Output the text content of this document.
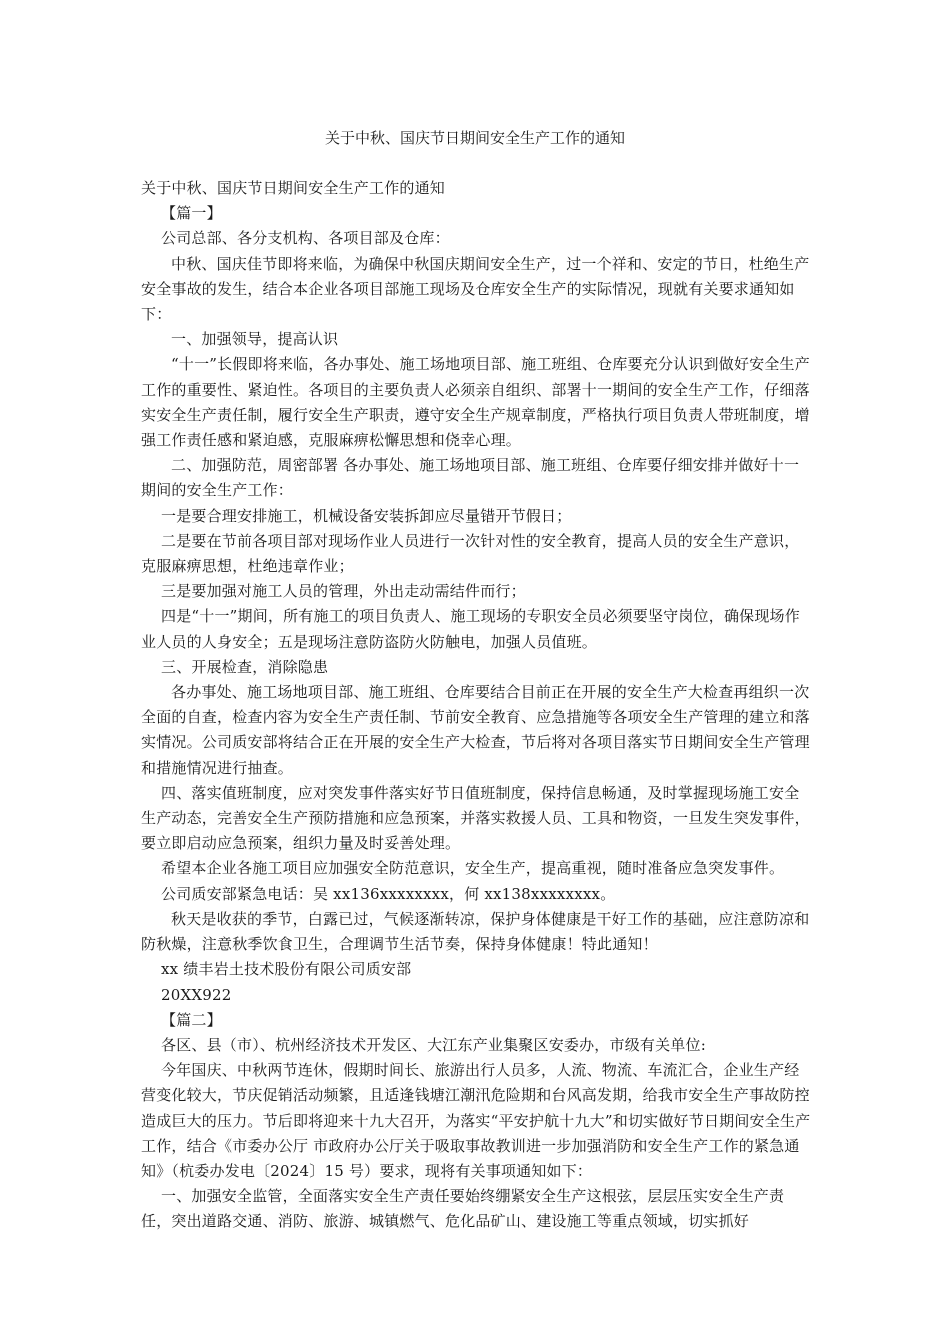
关于中秋、国庆节日期间安全生产工作的通知

关于中秋、国庆节日期间安全生产工作的通知

【篇一】

公司总部、各分支机构、各项目部及仓库：

中秋、国庆佳节即将来临，为确保中秋国庆期间安全生产，过一个祥和、安定的节日，杜绝生产安全事故的发生，结合本企业各项目部施工现场及仓库安全生产的实际情况，现就有关要求通知如下：

一、加强领导，提高认识

“十一”长假即将来临，各办事处、施工场地项目部、施工班组、仓库要充分认识到做好安全生产工作的重要性、紧迫性。各项目的主要负责人必须亲自组织、部署十一期间的安全生产工作，仔细落实安全生产责任制，履行安全生产职责，遵守安全生产规章制度，严格执行项目负责人带班制度，增强工作责任感和紧迫感，克服麻痹松懈思想和侥幸心理。

二、加强防范，周密部署 各办事处、施工场地项目部、施工班组、仓库要仔细安排并做好十一期间的安全生产工作：

一是要合理安排施工，机械设备安装拆卸应尽量错开节假日；

二是要在节前各项目部对现场作业人员进行一次针对性的安全教育，提高人员的安全生产意识，克服麻痹思想，杜绝违章作业；

三是要加强对施工人员的管理，外出走动需结件而行；

四是“十一”期间，所有施工的项目负责人、施工现场的专职安全员必须要坚守岗位，确保现场作业人员的人身安全；五是现场注意防盗防火防触电，加强人员值班。

三、开展检查，消除隐患

各办事处、施工场地项目部、施工班组、仓库要结合目前正在开展的安全生产大检查再组织一次全面的自查，检查内容为安全生产责任制、节前安全教育、应急措施等各项安全生产管理的建立和落实情况。公司质安部将结合正在开展的安全生产大检查，节后将对各项目落实节日期间安全生产管理和措施情况进行抽查。

四、落实值班制度，应对突发事件落实好节日值班制度，保持信息畅通，及时掌握现场施工安全生产动态，完善安全生产预防措施和应急预案，并落实救援人员、工具和物资，一旦发生突发事件，要立即启动应急预案，组织力量及时妥善处理。

希望本企业各施工项目应加强安全防范意识，安全生产，提高重视，随时准备应急突发事件。

公司质安部紧急电话：吴 xx136xxxxxxxx，何 xx138xxxxxxxx。

秋天是收获的季节，白露已过，气候逐渐转凉，保护身体健康是干好工作的基础，应注意防凉和防秋燥，注意秋季饮食卫生，合理调节生活节奏，保持身体健康！特此通知！

xx 绩丰岩土技术股份有限公司质安部

20XX922

【篇二】

各区、县（市）、杭州经济技术开发区、大江东产业集聚区安委办，市级有关单位:

今年国庆、中秋两节连休，假期时间长、旅游出行人员多，人流、物流、车流汇合，企业生产经营变化较大，节庆促销活动频繁，且适逢钱塘江潮汛危险期和台风高发期，给我市安全生产事故防控造成巨大的压力。节后即将迎来十九大召开，为落实“平安护航十九大”和切实做好节日期间安全生产工作，结合《市委办公厅 市政府办公厅关于吸取事故教训进一步加强消防和安全生产工作的紧急通知》（杭委办发电〔2024〕15 号）要求，现将有关事项通知如下：

一、加强安全监管，全面落实安全生产责任要始终绷紧安全生产这根弦，层层压实安全生产责任，突出道路交通、消防、旅游、城镇燃气、危化品矿山、建设施工等重点领域，切实抓好
